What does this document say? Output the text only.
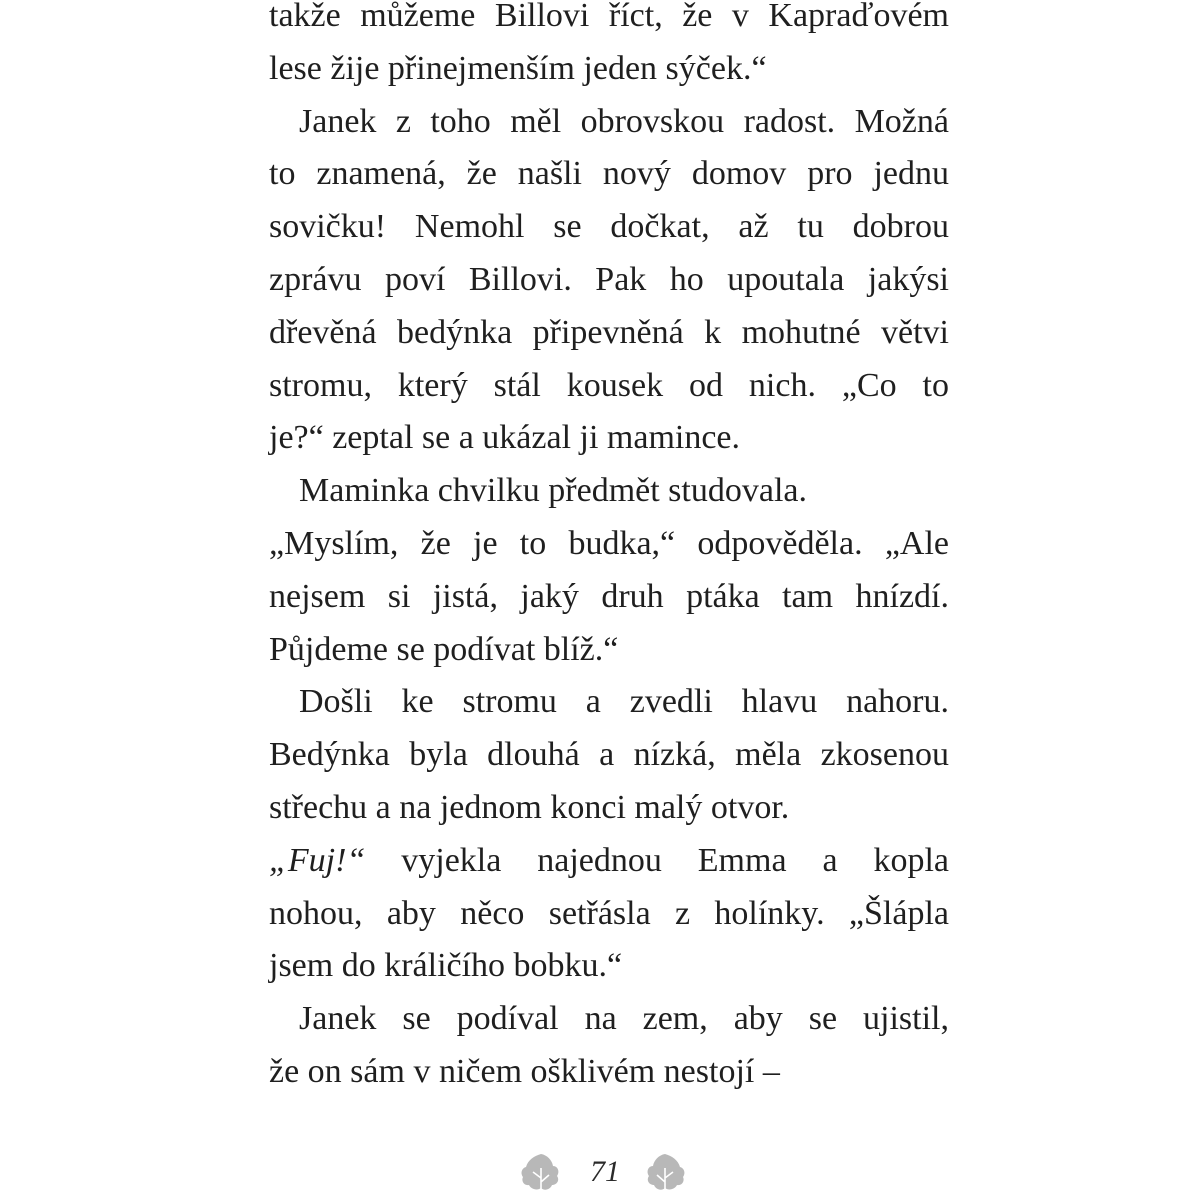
takže můžeme Billovi říct, že v Kapraďovém
lese žije přinejmenším jeden sýček.“
Janek z toho měl obrovskou radost. Možná
to znamená, že našli nový domov pro jednu
sovičku! Nemohl se dočkat, až tu dobrou
zprávu poví Billovi. Pak ho upoutala jakýsi
dřevěná bedýnka připevněná k mohutné větvi
stromu, který stál kousek od nich. „Co to
je?“ zeptal se a ukázal ji mamince.
Maminka chvilku předmět studovala.
„Myslím, že je to budka,“ odpověděla. „Ale
nejsem si jistá, jaký druh ptáka tam hnízdí.
Půjdeme se podívat blíž.“
Došli ke stromu a zvedli hlavu nahoru.
Bedýnka byla dlouhá a nízká, měla zkosenou
střechu a na jednom konci malý otvor.
„Fuj!“ vyjekla najednou Emma a kopla
nohou, aby něco setřásla z holínky. „Šlápla
jsem do králičího bobku.“
Janek se podíval na zem, aby se ujistil,
že on sám v ničem ošklivém nestojí –
71
